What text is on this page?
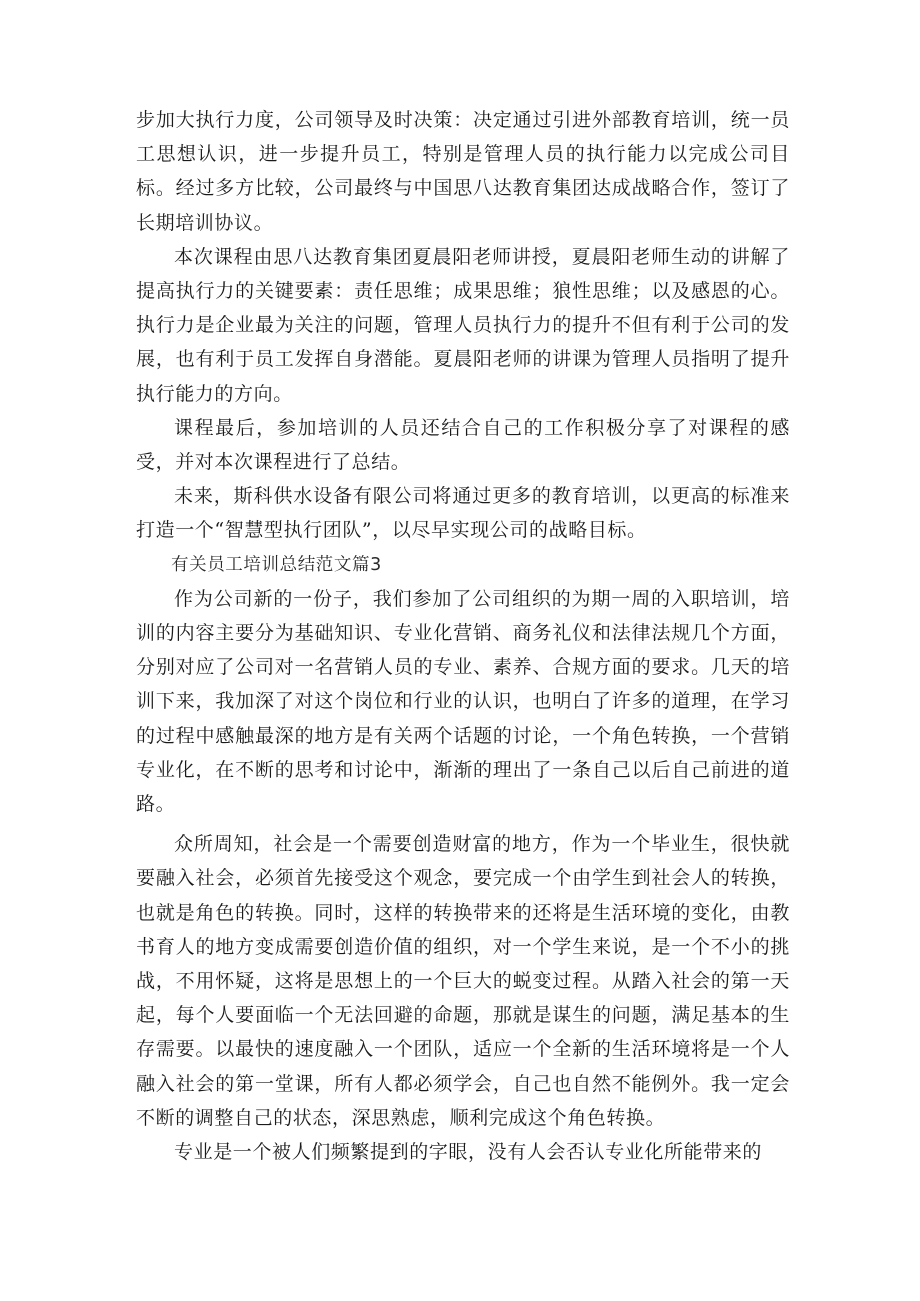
步加大执行力度，公司领导及时决策：决定通过引进外部教育培训，统一员工思想认识，进一步提升员工，特别是管理人员的执行能力以完成公司目标。经过多方比较，公司最终与中国思八达教育集团达成战略合作，签订了长期培训协议。

本次课程由思八达教育集团夏晨阳老师讲授，夏晨阳老师生动的讲解了提高执行力的关键要素：责任思维；成果思维；狼性思维；以及感恩的心。执行力是企业最为关注的问题，管理人员执行力的提升不但有利于公司的发展，也有利于员工发挥自身潜能。夏晨阳老师的讲课为管理人员指明了提升执行能力的方向。

课程最后，参加培训的人员还结合自己的工作积极分享了对课程的感受，并对本次课程进行了总结。

未来，斯科供水设备有限公司将通过更多的教育培训，以更高的标准来打造一个“智慧型执行团队”，以尽早实现公司的战略目标。

有关员工培训总结范文篇3

作为公司新的一份子，我们参加了公司组织的为期一周的入职培训，培训的内容主要分为基础知识、专业化营销、商务礼仪和法律法规几个方面，分别对应了公司对一名营销人员的专业、素养、合规方面的要求。几天的培训下来，我加深了对这个岗位和行业的认识，也明白了许多的道理，在学习的过程中感触最深的地方是有关两个话题的讨论，一个角色转换，一个营销专业化，在不断的思考和讨论中，渐渐的理出了一条自己以后自己前进的道路。

众所周知，社会是一个需要创造财富的地方，作为一个毕业生，很快就要融入社会，必须首先接受这个观念，要完成一个由学生到社会人的转换，也就是角色的转换。同时，这样的转换带来的还将是生活环境的变化，由教书育人的地方变成需要创造价值的组织，对一个学生来说，是一个不小的挑战，不用怀疑，这将是思想上的一个巨大的蜕变过程。从踏入社会的第一天起，每个人要面临一个无法回避的命题，那就是谋生的问题，满足基本的生存需要。以最快的速度融入一个团队，适应一个全新的生活环境将是一个人融入社会的第一堂课，所有人都必须学会，自己也自然不能例外。我一定会不断的调整自己的状态，深思熟虑，顺利完成这个角色转换。

专业是一个被人们频繁提到的字眼，没有人会否认专业化所能带来的
